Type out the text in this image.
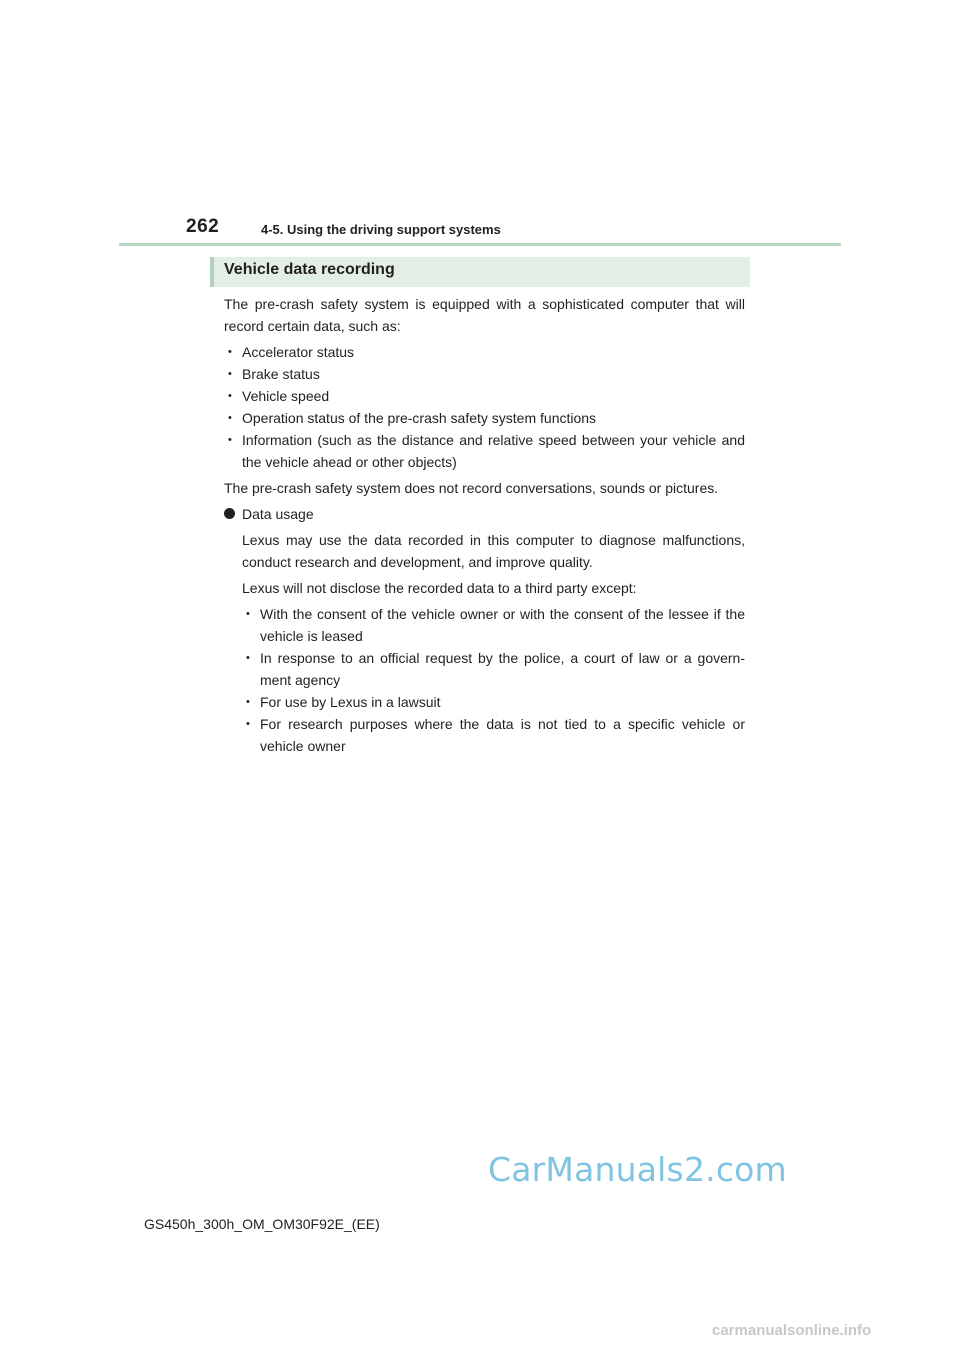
262	4-5. Using the driving support systems
Vehicle data recording

The pre-crash safety system is equipped with a sophisticated computer that will record certain data, such as:

• Accelerator status
• Brake status
• Vehicle speed
• Operation status of the pre-crash safety system functions
• Information (such as the distance and relative speed between your vehicle and the vehicle ahead or other objects)

The pre-crash safety system does not record conversations, sounds or pictures.

Data usage

Lexus may use the data recorded in this computer to diagnose malfunctions, conduct research and development, and improve quality.

Lexus will not disclose the recorded data to a third party except:

• With the consent of the vehicle owner or with the consent of the lessee if the vehicle is leased
• In response to an official request by the police, a court of law or a govern-ment agency
• For use by Lexus in a lawsuit
• For research purposes where the data is not tied to a specific vehicle or vehicle owner
CarManuals2.com
GS450h_300h_OM_OM30F92E_(EE)
carmanualsonline.info
